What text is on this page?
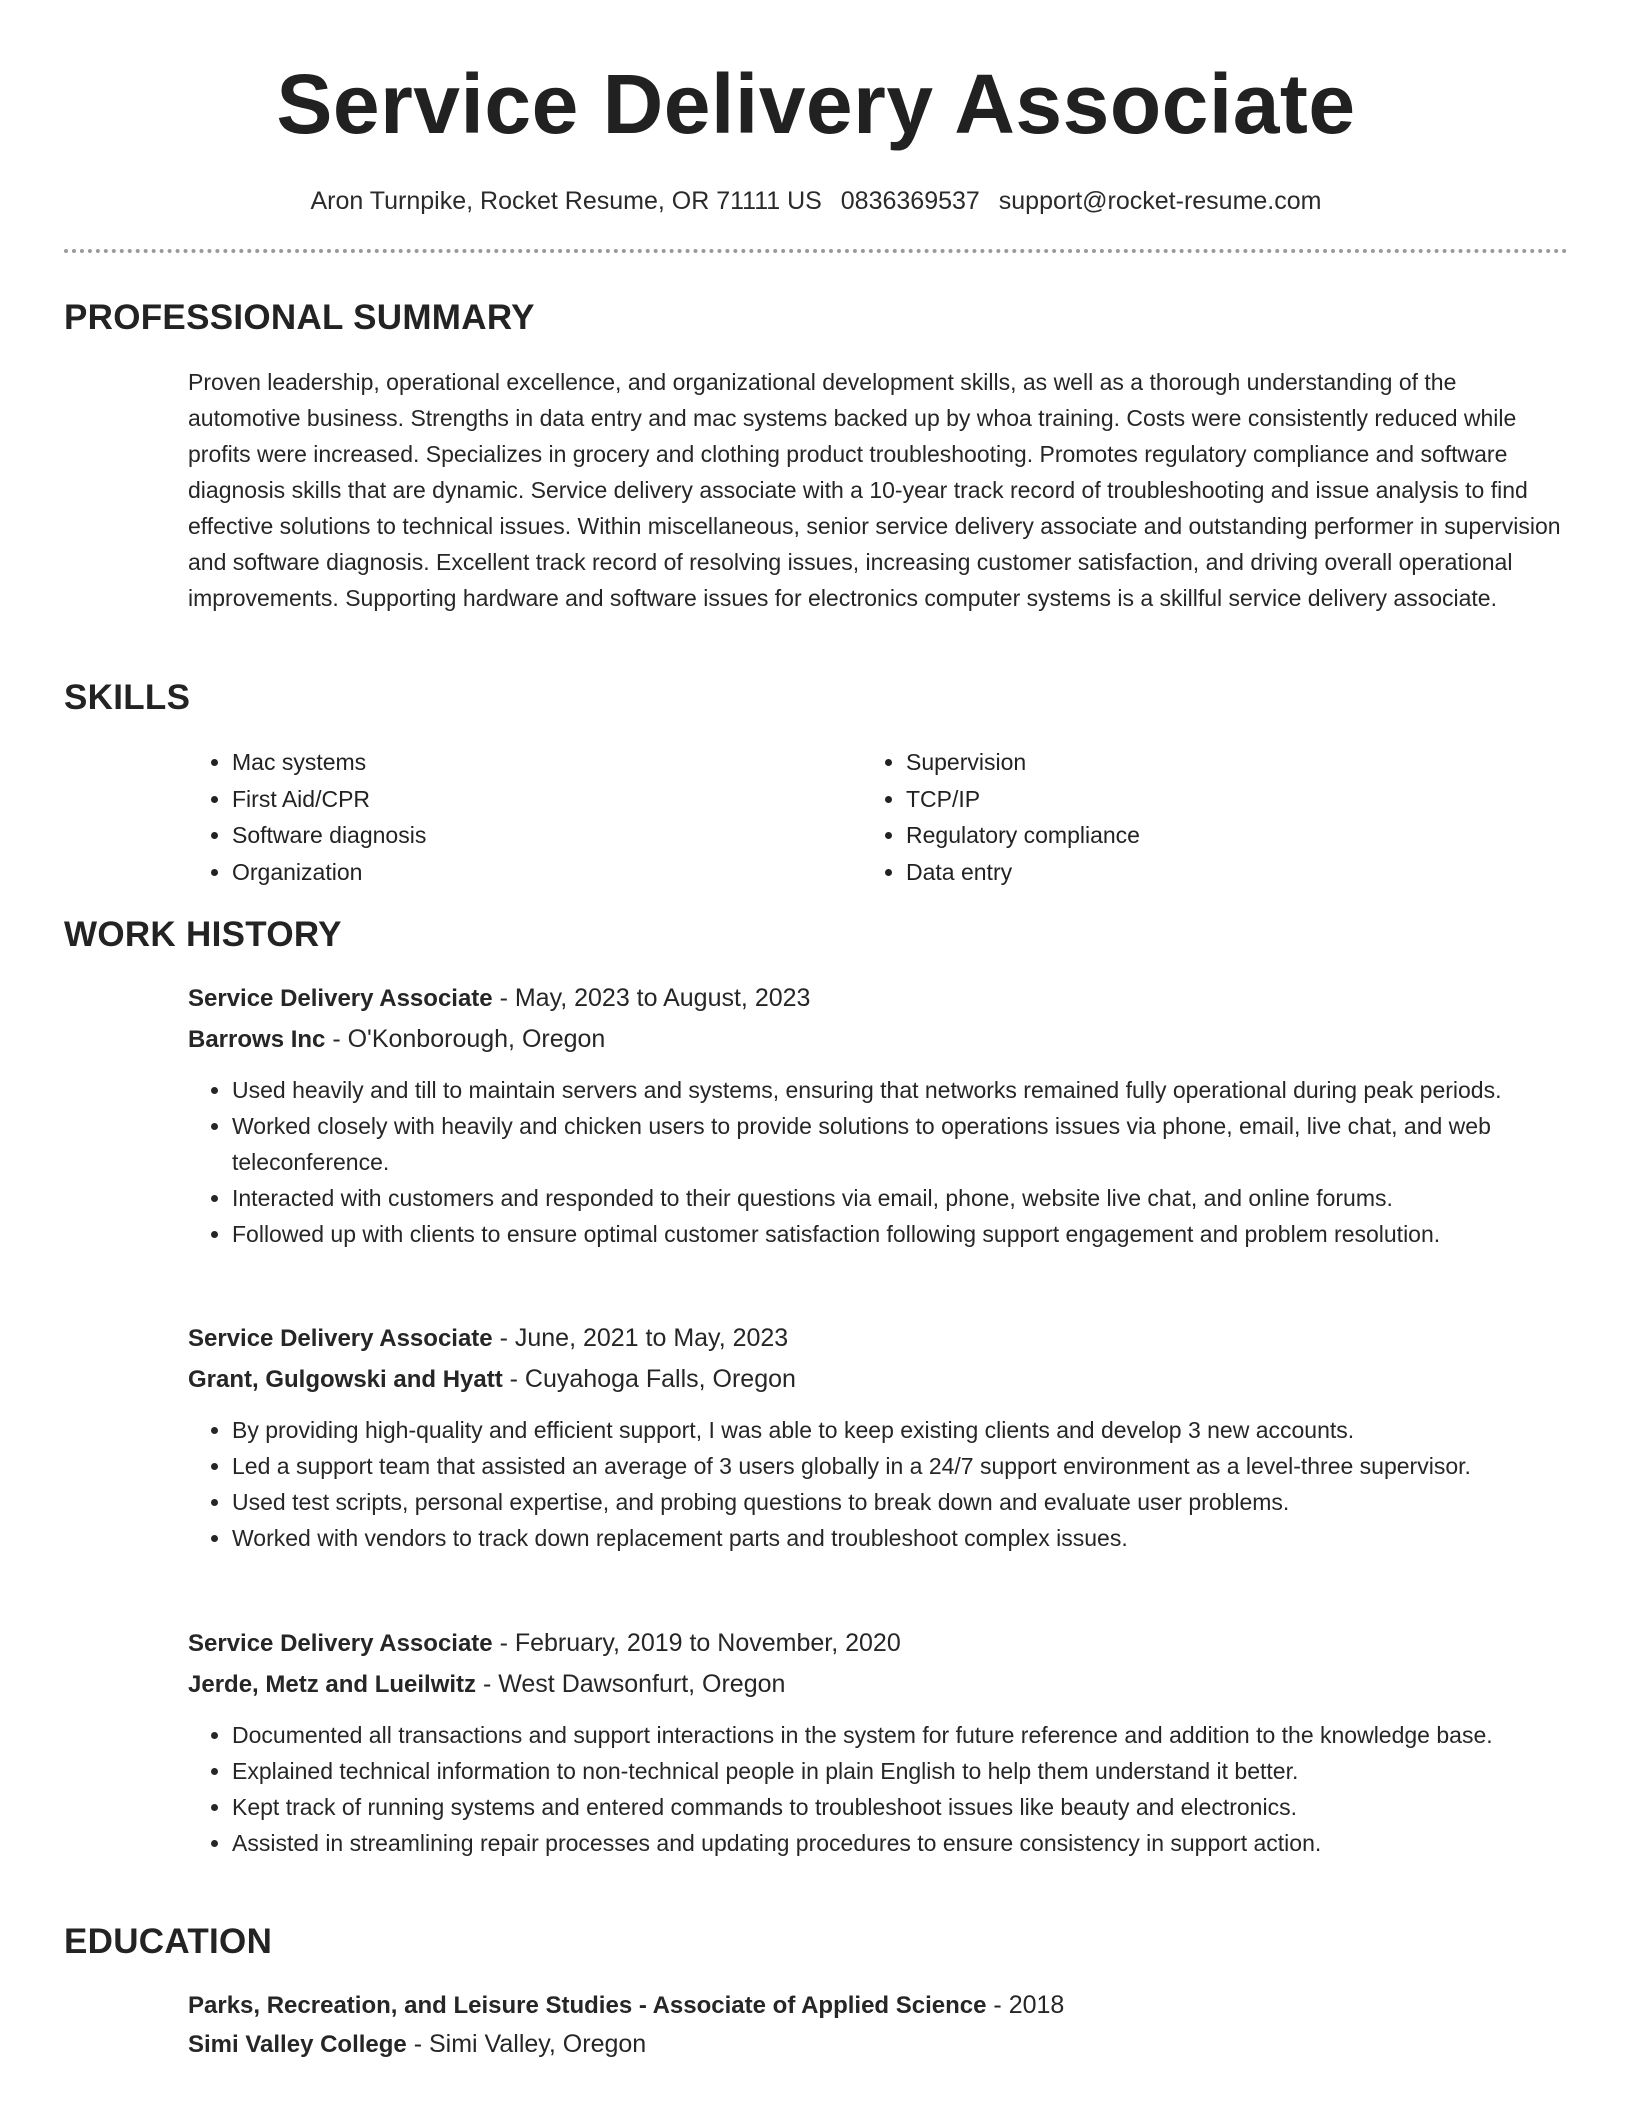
Service Delivery Associate
Aron Turnpike, Rocket Resume, OR 71111 US 0836369537 support@rocket-resume.com
PROFESSIONAL SUMMARY

Proven leadership, operational excellence, and organizational development skills, as well as a thorough understanding of the automotive business. Strengths in data entry and mac systems backed up by whoa training. Costs were consistently reduced while profits were increased. Specializes in grocery and clothing product troubleshooting. Promotes regulatory compliance and software diagnosis skills that are dynamic. Service delivery associate with a 10-year track record of troubleshooting and issue analysis to find effective solutions to technical issues. Within miscellaneous, senior service delivery associate and outstanding performer in supervision and software diagnosis. Excellent track record of resolving issues, increasing customer satisfaction, and driving overall operational improvements. Supporting hardware and software issues for electronics computer systems is a skillful service delivery associate.

SKILLS
• Mac systems
• First Aid/CPR
• Software diagnosis
• Organization
• Supervision
• TCP/IP
• Regulatory compliance
• Data entry
WORK HISTORY
Service Delivery Associate - May, 2023 to August, 2023
Barrows Inc - O'Konborough, Oregon
• Used heavily and till to maintain servers and systems, ensuring that networks remained fully operational during peak periods.
• Worked closely with heavily and chicken users to provide solutions to operations issues via phone, email, live chat, and web teleconference.
• Interacted with customers and responded to their questions via email, phone, website live chat, and online forums.
• Followed up with clients to ensure optimal customer satisfaction following support engagement and problem resolution.
Service Delivery Associate - June, 2021 to May, 2023
Grant, Gulgowski and Hyatt - Cuyahoga Falls, Oregon
• By providing high-quality and efficient support, I was able to keep existing clients and develop 3 new accounts.
• Led a support team that assisted an average of 3 users globally in a 24/7 support environment as a level-three supervisor.
• Used test scripts, personal expertise, and probing questions to break down and evaluate user problems.
• Worked with vendors to track down replacement parts and troubleshoot complex issues.
Service Delivery Associate - February, 2019 to November, 2020
Jerde, Metz and Lueilwitz - West Dawsonfurt, Oregon
• Documented all transactions and support interactions in the system for future reference and addition to the knowledge base.
• Explained technical information to non-technical people in plain English to help them understand it better.
• Kept track of running systems and entered commands to troubleshoot issues like beauty and electronics.
• Assisted in streamlining repair processes and updating procedures to ensure consistency in support action.
EDUCATION
Parks, Recreation, and Leisure Studies - Associate of Applied Science - 2018
Simi Valley College - Simi Valley, Oregon
